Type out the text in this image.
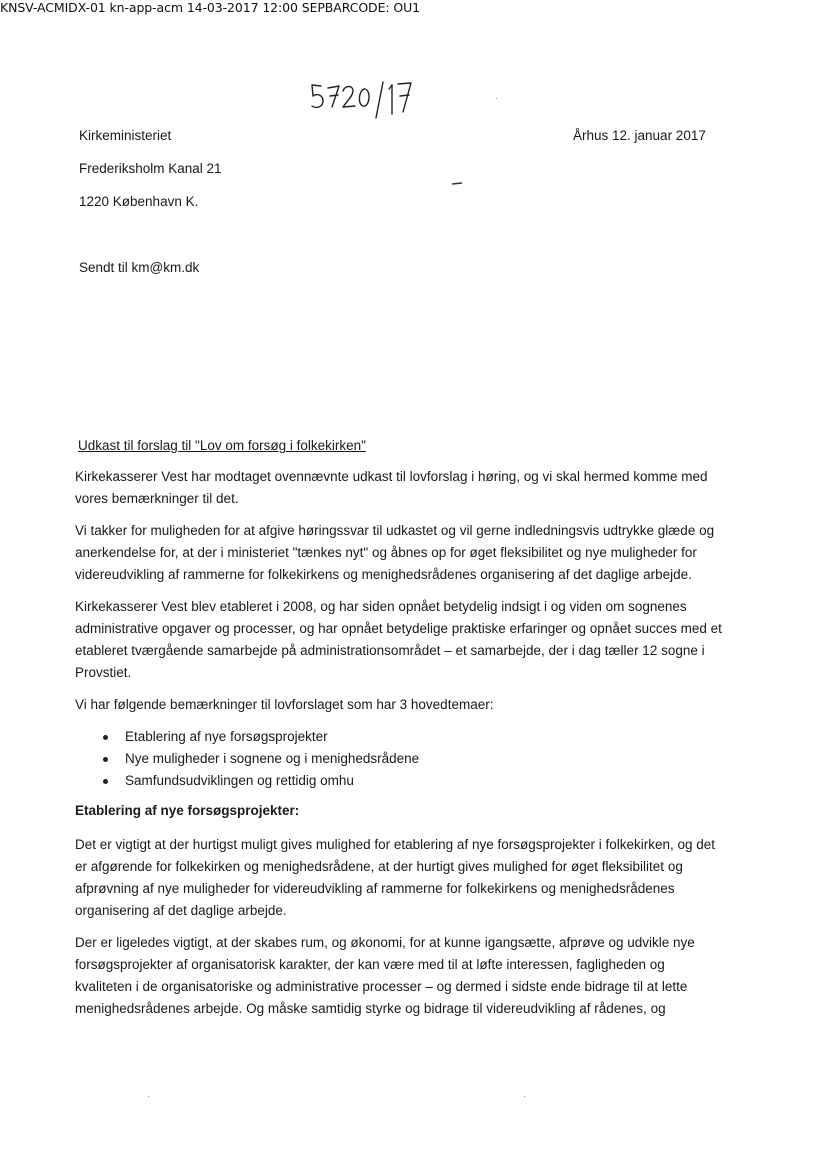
KNSV-ACMIDX-01 kn-app-acm 14-03-2017 12:00 SEPBARCODE: OU1
Kirkeministeriet
Frederiksholm Kanal 21
1220 København K.
Århus 12. januar 2017
Sendt til km@km.dk
Udkast til forslag til "Lov om forsøg i folkekirken"

Kirkekasserer Vest har modtaget ovennævnte udkast til lovforslag i høring, og vi skal hermed komme med vores bemærkninger til det.

Vi takker for muligheden for at afgive høringssvar til udkastet og vil gerne indledningsvis udtrykke glæde og anerkendelse for, at der i ministeriet "tænkes nyt" og åbnes op for øget fleksibilitet og nye muligheder for videreudvikling af rammerne for folkekirkens og menighedsrådenes organisering af det daglige arbejde.

Kirkekasserer Vest blev etableret i 2008, og har siden opnået betydelig indsigt i og viden om sognenes administrative opgaver og processer, og har opnået betydelige praktiske erfaringer og opnået succes med et etableret tværgående samarbejde på administrationsområdet – et samarbejde, der i dag tæller 12 sogne i Provstiet.

Vi har følgende bemærkninger til lovforslaget som har 3 hovedtemaer:

Etablering af nye forsøgsprojekter
Nye muligheder i sognene og i menighedsrådene
Samfundsudviklingen og rettidig omhu
Etablering af nye forsøgsprojekter:

Det er vigtigt at der hurtigst muligt gives mulighed for etablering af nye forsøgsprojekter i folkekirken, og det er afgørende for folkekirken og menighedsrådene, at der hurtigt gives mulighed for øget fleksibilitet og afprøvning af nye muligheder for videreudvikling af rammerne for folkekirkens og menighedsrådenes organisering af det daglige arbejde.

Der er ligeledes vigtigt, at der skabes rum, og økonomi, for at kunne igangsætte, afprøve og udvikle nye forsøgsprojekter af organisatorisk karakter, der kan være med til at løfte interessen, fagligheden og kvaliteten i de organisatoriske og administrative processer – og dermed i sidste ende bidrage til at lette menighedsrådenes arbejde. Og måske samtidig styrke og bidrage til videreudvikling af rådenes, og
